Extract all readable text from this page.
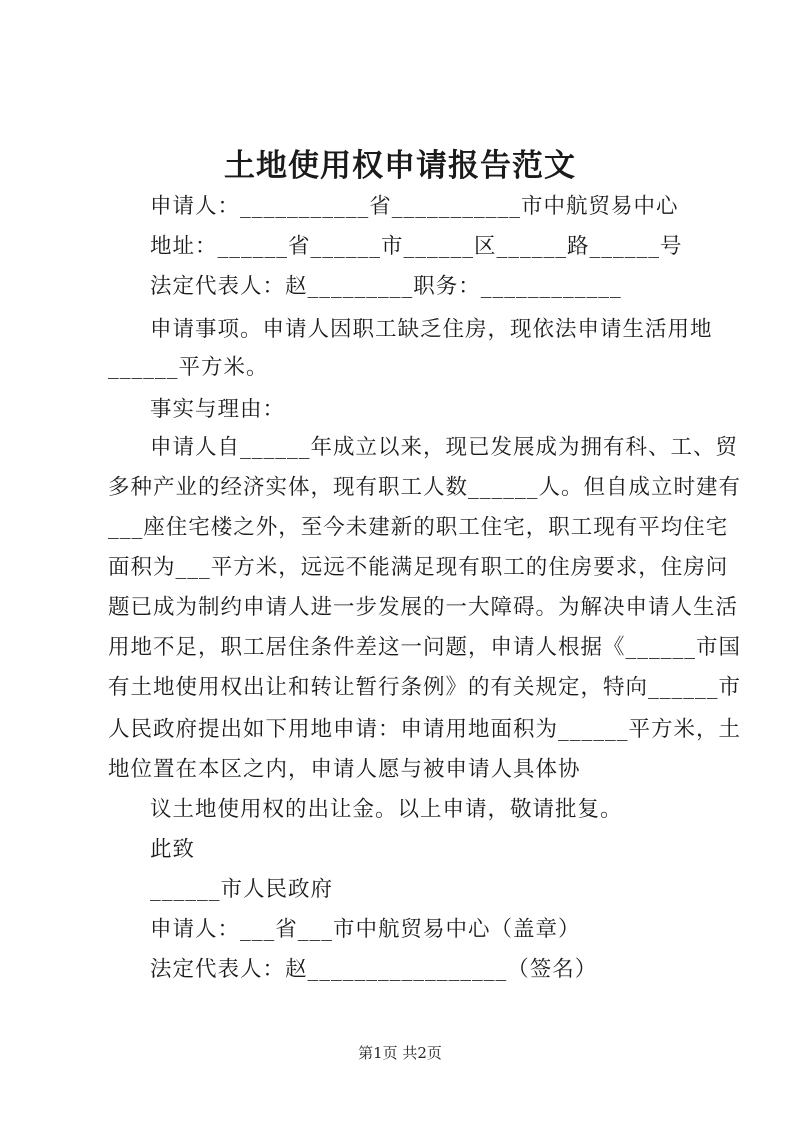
土地使用权申请报告范文
申请人：___________省___________市中航贸易中心
地址：______省______市______区______路______号
法定代表人：赵_________职务：____________
申请事项。申请人因职工缺乏住房，现依法申请生活用地
______平方米。
事实与理由：
申请人自______年成立以来，现已发展成为拥有科、工、贸
多种产业的经济实体，现有职工人数______人。但自成立时建有
___座住宅楼之外，至今未建新的职工住宅，职工现有平均住宅
面积为___平方米，远远不能满足现有职工的住房要求，住房问
题已成为制约申请人进一步发展的一大障碍。为解决申请人生活
用地不足，职工居住条件差这一问题，申请人根据《______市国
有土地使用权出让和转让暂行条例》的有关规定，特向______市
人民政府提出如下用地申请：申请用地面积为______平方米，土
地位置在本区之内，申请人愿与被申请人具体协
议土地使用权的出让金。以上申请，敬请批复。
此致
______市人民政府
申请人：___省___市中航贸易中心（盖章）
法定代表人：赵_________________（签名）
第1页 共2页
